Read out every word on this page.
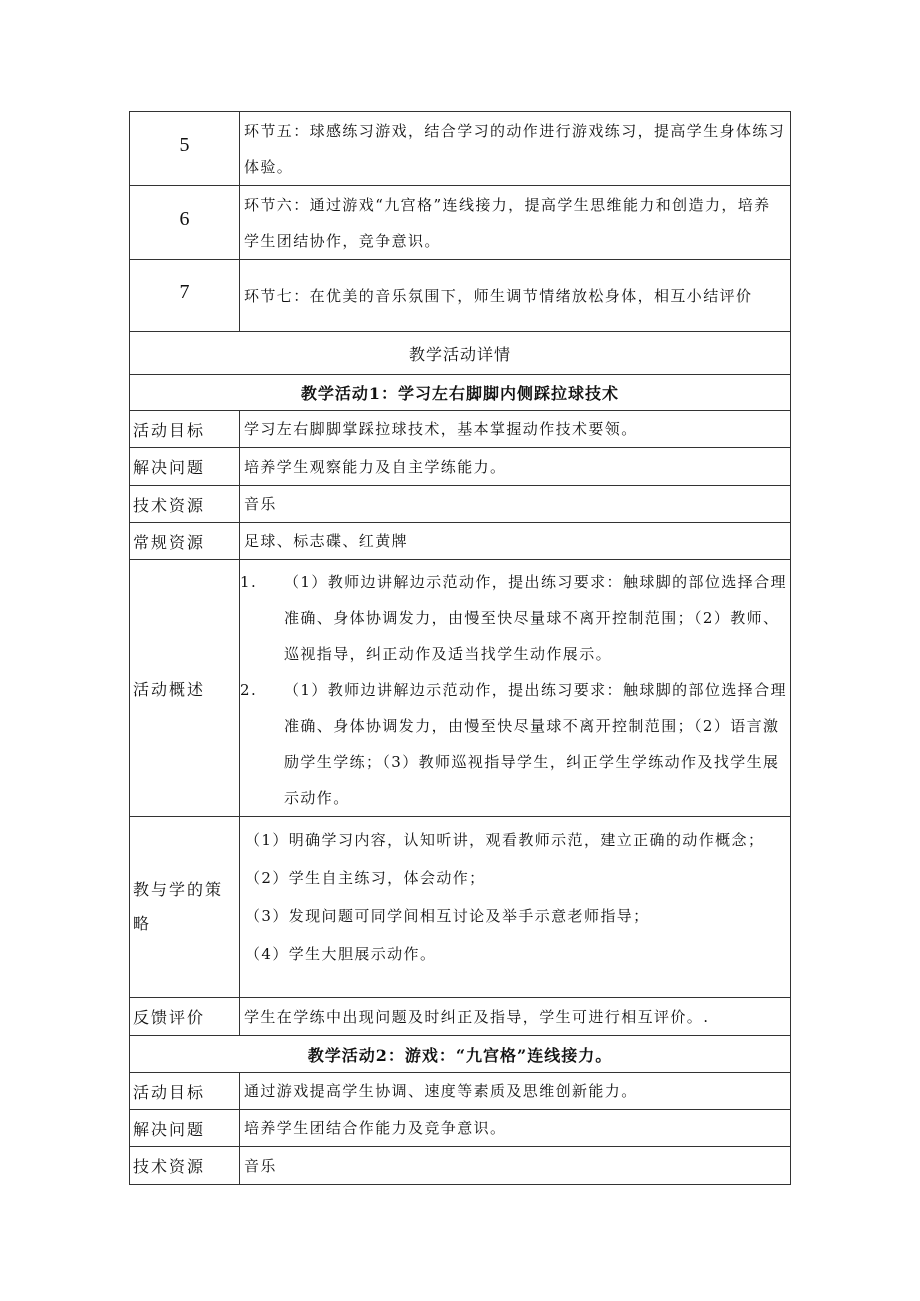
5	环节五：球感练习游戏，结合学习的动作进行游戏练习，提高学生身体练习体验。
6	环节六：通过游戏“九宫格”连线接力，提高学生思维能力和创造力，培养学生团结协作，竞争意识。
7	环节七：在优美的音乐氛围下，师生调节情绪放松身体，相互小结评价
教学活动详情	
教学活动1：学习左右脚脚内侧踩拉球技术	
活动目标	学习左右脚脚掌踩拉球技术，基本掌握动作技术要领。
解决问题	培养学生观察能力及自主学练能力。
技术资源	音乐
常规资源	足球、标志碟、红黄牌
活动概述	1. （1）教师边讲解边示范动作，提出练习要求：触球脚的部位选择合理准确、身体协调发力，由慢至快尽量球不离开控制范围；（2）教师、巡视指导，纠正动作及适当找学生动作展示。
2. （1）教师边讲解边示范动作，提出练习要求：触球脚的部位选择合理准确、身体协调发力，由慢至快尽量球不离开控制范围；（2）语言激励学生学练；（3）教师巡视指导学生，纠正学生学练动作及找学生展示动作。

教与学的策略	（1）明确学习内容，认知听讲，观看教师示范，建立正确的动作概念；
（2）学生自主练习，体会动作；
（3）发现问题可同学间相互讨论及举手示意老师指导；
（4）学生大胆展示动作。

反馈评价	学生在学练中出现问题及时纠正及指导，学生可进行相互评价。.
教学活动2：游戏：“九宫格”连线接力。	
活动目标	通过游戏提高学生协调、速度等素质及思维创新能力。
解决问题	培养学生团结合作能力及竞争意识。
技术资源	音乐
